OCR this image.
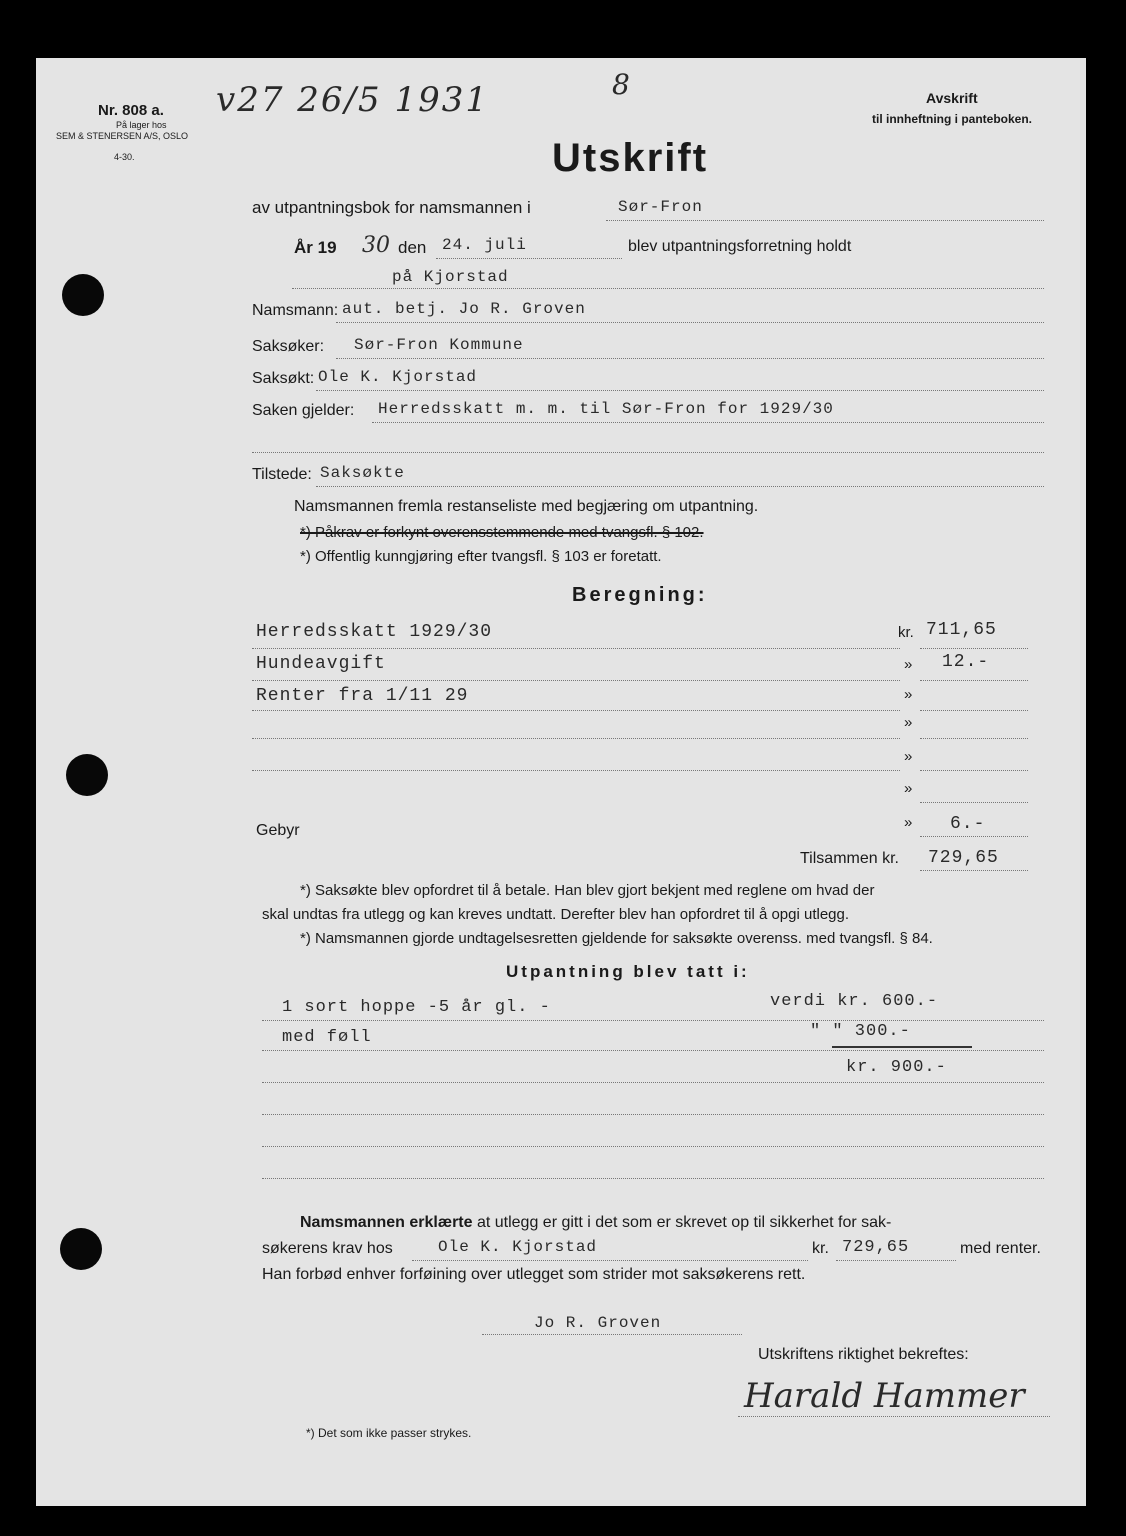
Nr. 808 a.
På lager hos
SEM & STENERSEN A/S, OSLO
4-30.
v27 26/5 1931	8	Avskrift
til innheftning i panteboken.
Utskrift
av utpantningsbok for namsmannen i	Sør-Fron
År 19 30 den 24. juli	blev utpantningsforretning holdt
på Kjorstad
Namsmann: aut. betj. Jo R. Groven
Saksøker: Sør-Fron Kommune
Saksøkt: Ole K. Kjorstad
Saken gjelder: Herredsskatt m. m. til Sør-Fron for 1929/30
Tilstede: Saksøkte
Namsmannen fremla restanseliste med begjæring om utpantning.
*) Påkrav er forkynt overensstemmende med tvangsfl. § 102.
*) Offentlig kunngjøring efter tvangsfl. § 103 er foretatt.
Beregning:
Herredsskatt 1929/30	kr. 711,65
Hundeavgift	» 12.-
Renter fra 1/11 29	»
»
»
»
Gebyr	» 6.-
Tilsammen kr. 729,65
*) Saksøkte blev opfordret til å betale. Han blev gjort bekjent med reglene om hvad der
skal undtas fra utlegg og kan kreves undtatt. Derefter blev han opfordret til å opgi utlegg.
*) Namsmannen gjorde undtagelsesretten gjeldende for saksøkte overenss. med tvangsfl. § 84.
Utpantning blev tatt i:
1 sort hoppe -5 år gl. -	verdi kr. 600.-
med føll	" " 300.-
kr. 900.-
Namsmannen erklærte at utlegg er gitt i det som er skrevet op til sikkerhet for sak-
søkerens krav hos	Ole K. Kjorstad	kr. 729,65	med renter.
Han forbød enhver forføining over utlegget som strider mot saksøkerens rett.
Jo R. Groven
Utskriftens riktighet bekreftes:
Harald Hammer
*) Det som ikke passer strykes.
